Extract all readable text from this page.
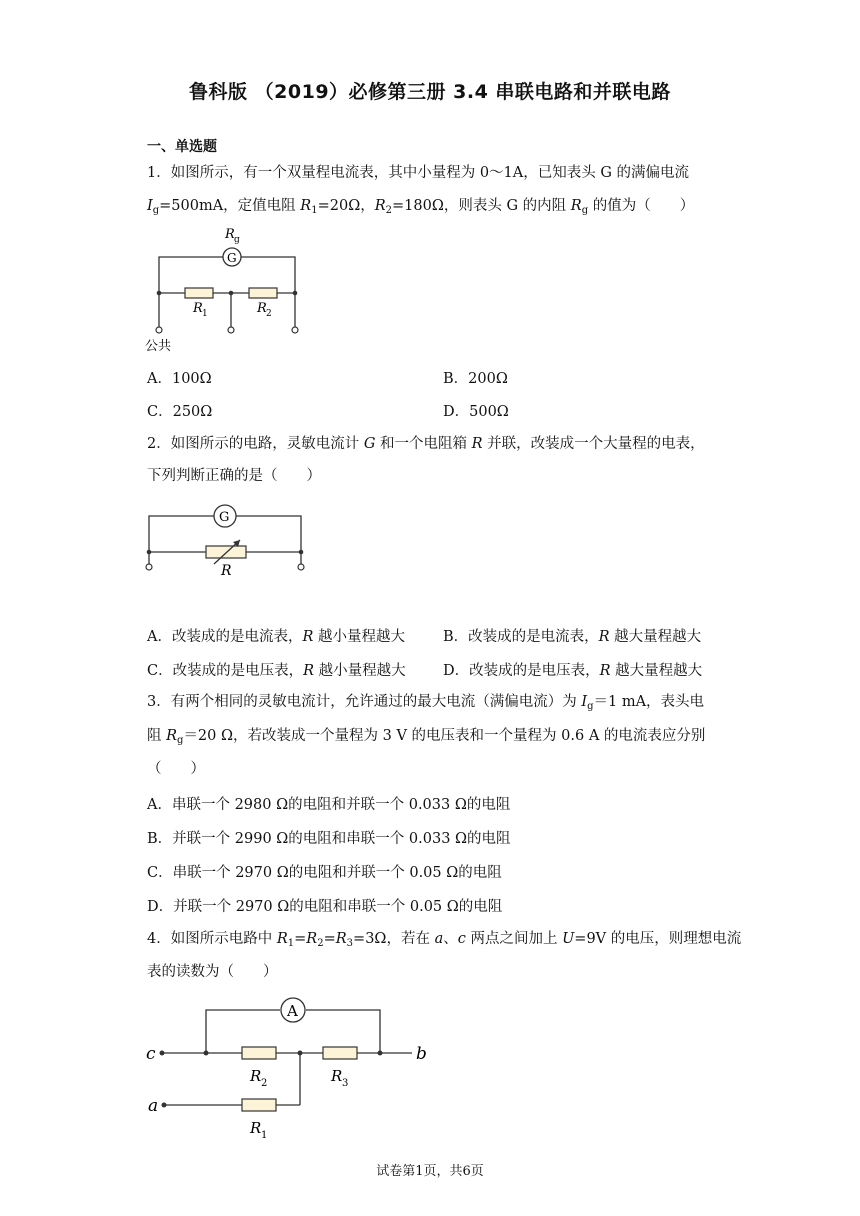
鲁科版 （2019）必修第三册 3.4 串联电路和并联电路
一、单选题
1．如图所示，有一个双量程电流表，其中小量程为 0～1A，已知表头 G 的满偏电流
$I_g=500mA$，定值电阻 $R_1=20\Omega$，$R_2=180\Omega$，则表头 G 的内阻 $R_g$ 的值为（　　）
R g
G
R 1	R 2
公共
A．100Ω	B．200Ω
C．250Ω	D．500Ω
2．如图所示的电路，灵敏电流计 G 和一个电阻箱 R 并联，改装成一个大量程的电表，
下列判断正确的是（　　）
G
R
A．改装成的是电流表，R 越小量程越大	B．改装成的是电流表，R 越大量程越大
C．改装成的是电压表，R 越小量程越大	D．改装成的是电压表，R 越大量程越大
3．有两个相同的灵敏电流计，允许通过的最大电流（满偏电流）为 $I_g=1$ mA，表头电
阻 $R_g=20$ Ω，若改装成一个量程为 3 V 的电压表和一个量程为 0.6 A 的电流表应分别
（　　）
A．串联一个 2980 Ω的电阻和并联一个 0.033 Ω的电阻
B．并联一个 2990 Ω的电阻和串联一个 0.033 Ω的电阻
C．串联一个 2970 Ω的电阻和并联一个 0.05 Ω的电阻
D．并联一个 2970 Ω的电阻和串联一个 0.05 Ω的电阻
4．如图所示电路中 $R_1=R_2=R_3=3\Omega$，若在 a、c 两点之间加上 U=9V 的电压，则理想电流
表的读数为（　　）
A
c	b
a
R 2	R 3
R 1
试卷第1页，共6页
